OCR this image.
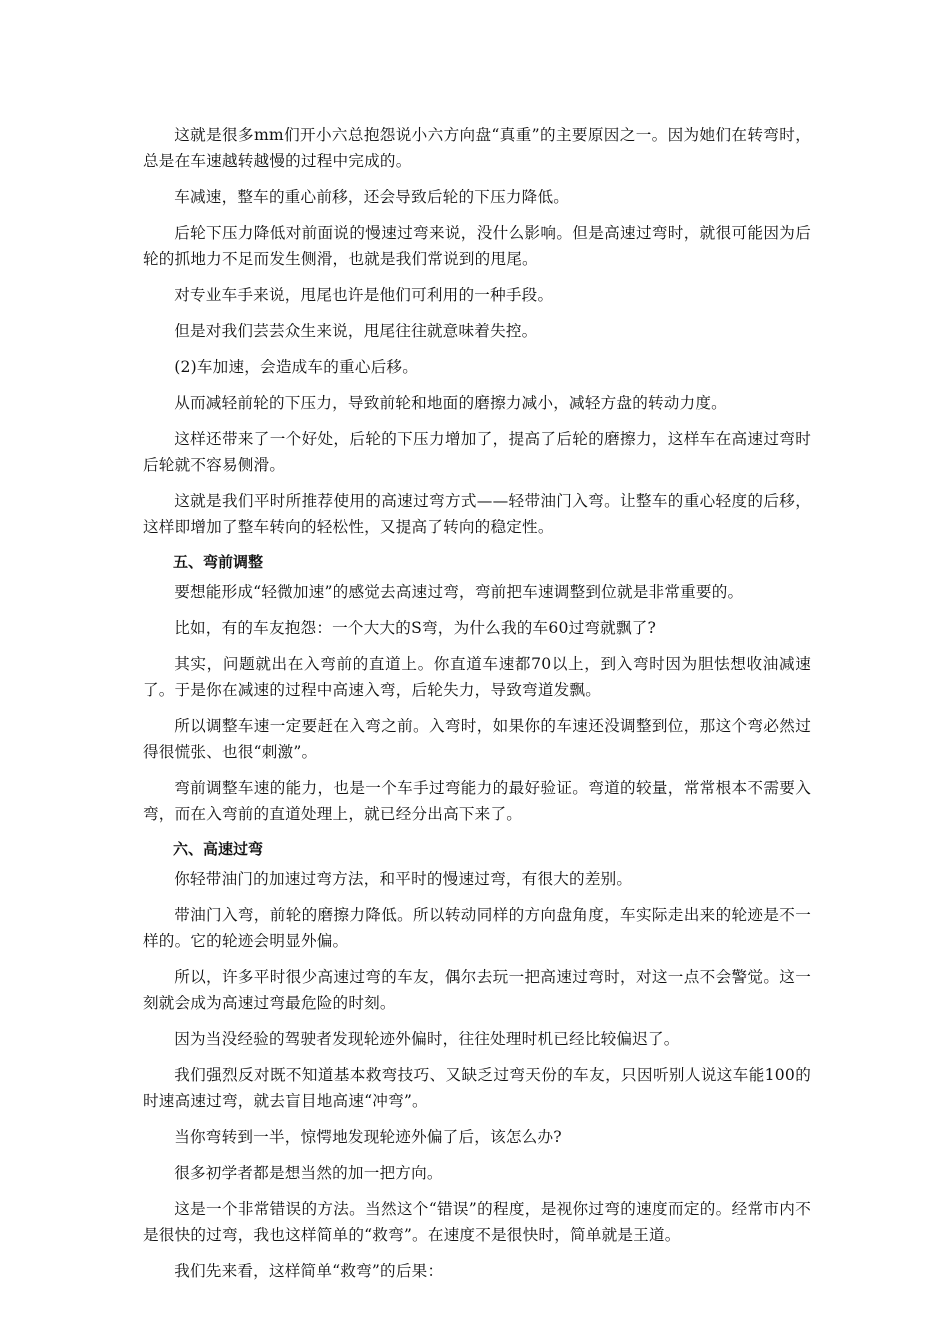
这就是很多mm们开小六总抱怨说小六方向盘“真重”的主要原因之一。因为她们在转弯时，总是在车速越转越慢的过程中完成的。

车减速，整车的重心前移，还会导致后轮的下压力降低。

后轮下压力降低对前面说的慢速过弯来说，没什么影响。但是高速过弯时，就很可能因为后轮的抓地力不足而发生侧滑，也就是我们常说到的甩尾。

对专业车手来说，甩尾也许是他们可利用的一种手段。

但是对我们芸芸众生来说，甩尾往往就意味着失控。

(2)车加速，会造成车的重心后移。

从而减轻前轮的下压力，导致前轮和地面的磨擦力减小，减轻方盘的转动力度。

这样还带来了一个好处，后轮的下压力增加了，提高了后轮的磨擦力，这样车在高速过弯时后轮就不容易侧滑。

这就是我们平时所推荐使用的高速过弯方式——轻带油门入弯。让整车的重心轻度的后移，这样即增加了整车转向的轻松性，又提高了转向的稳定性。

五、弯前调整

要想能形成“轻微加速”的感觉去高速过弯，弯前把车速调整到位就是非常重要的。

比如，有的车友抱怨：一个大大的S弯，为什么我的车60过弯就飘了?

其实，问题就出在入弯前的直道上。你直道车速都70以上，到入弯时因为胆怯想收油减速了。于是你在减速的过程中高速入弯，后轮失力，导致弯道发飘。

所以调整车速一定要赶在入弯之前。入弯时，如果你的车速还没调整到位，那这个弯必然过得很慌张、也很“刺激”。

弯前调整车速的能力，也是一个车手过弯能力的最好验证。弯道的较量，常常根本不需要入弯，而在入弯前的直道处理上，就已经分出高下来了。

六、高速过弯

你轻带油门的加速过弯方法，和平时的慢速过弯，有很大的差别。

带油门入弯，前轮的磨擦力降低。所以转动同样的方向盘角度，车实际走出来的轮迹是不一样的。它的轮迹会明显外偏。

所以，许多平时很少高速过弯的车友，偶尔去玩一把高速过弯时，对这一点不会警觉。这一刻就会成为高速过弯最危险的时刻。

因为当没经验的驾驶者发现轮迹外偏时，往往处理时机已经比较偏迟了。

我们强烈反对既不知道基本救弯技巧、又缺乏过弯天份的车友，只因听别人说这车能100的时速高速过弯，就去盲目地高速“冲弯”。

当你弯转到一半，惊愕地发现轮迹外偏了后，该怎么办?

很多初学者都是想当然的加一把方向。

这是一个非常错误的方法。当然这个“错误”的程度，是视你过弯的速度而定的。经常市内不是很快的过弯，我也这样简单的“救弯”。在速度不是很快时，简单就是王道。

我们先来看，这样简单“救弯”的后果：
